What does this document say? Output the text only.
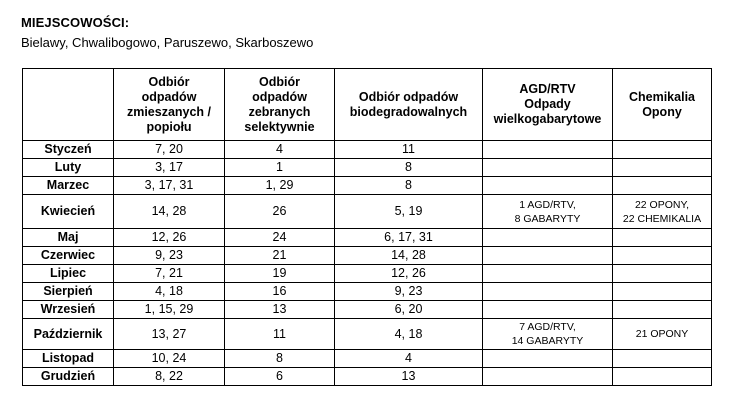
MIEJSCOWOŚCI:
Bielawy, Chwalibogowo, Paruszewo, Skarboszewo
	Odbiór
odpadów
zmieszanych /
popiołu	Odbiór
odpadów
zebranych
selektywnie	Odbiór odpadów
biodegradowalnych	AGD/RTV
Odpady
wielkogabarytowe	Chemikalia
Opony
Styczeń	7, 20	4	11		
Luty	3, 17	1	8		
Marzec	3, 17, 31	1, 29	8		
Kwiecień	14, 28	26	5, 19	1 AGD/RTV,
8 GABARYTY	22 OPONY,
22 CHEMIKALIA
Maj	12, 26	24	6, 17, 31		
Czerwiec	9, 23	21	14, 28		
Lipiec	7, 21	19	12, 26		
Sierpień	4, 18	16	9, 23		
Wrzesień	1, 15, 29	13	6, 20		
Październik	13, 27	11	4, 18	7 AGD/RTV,
14 GABARYTY	21 OPONY
Listopad	10, 24	8	4		
Grudzień	8, 22	6	13		
